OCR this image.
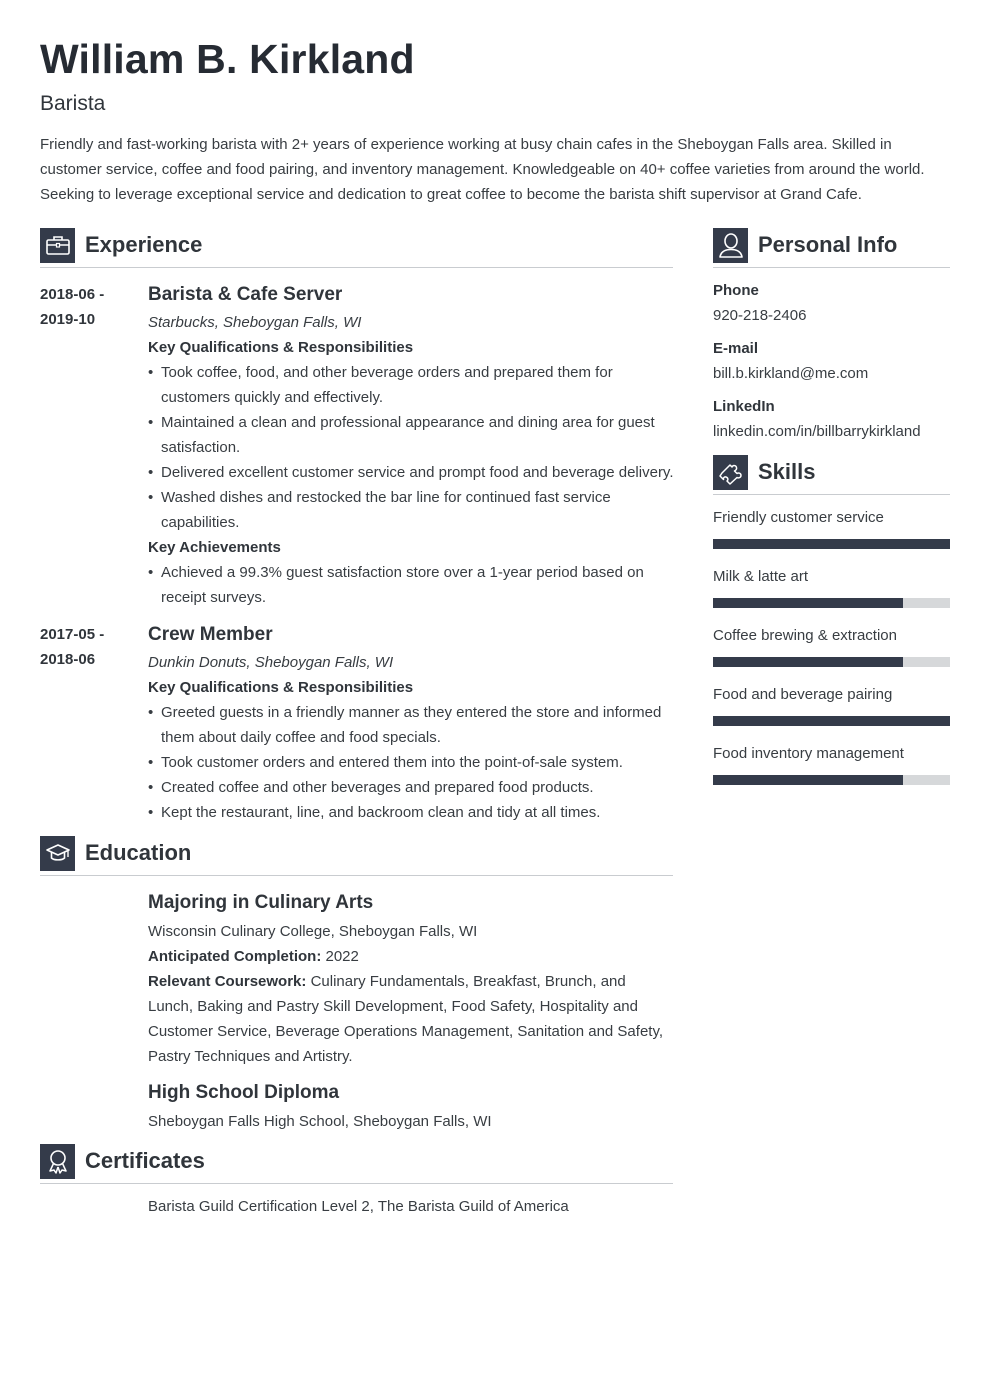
William B. Kirkland
Barista
Friendly and fast-working barista with 2+ years of experience working at busy chain cafes in the Sheboygan Falls area. Skilled in customer service, coffee and food pairing, and inventory management. Knowledgeable on 40+ coffee varieties from around the world. Seeking to leverage exceptional service and dedication to great coffee to become the barista shift supervisor at Grand Cafe.
Experience
2018-06 -
2019-10
Barista & Cafe Server
Starbucks, Sheboygan Falls, WI
Key Qualifications & Responsibilities
• Took coffee, food, and other beverage orders and prepared them for customers quickly and effectively.
• Maintained a clean and professional appearance and dining area for guest satisfaction.
• Delivered excellent customer service and prompt food and beverage delivery.
• Washed dishes and restocked the bar line for continued fast service capabilities.
Key Achievements
• Achieved a 99.3% guest satisfaction store over a 1-year period based on receipt surveys.
2017-05 -
2018-06
Crew Member
Dunkin Donuts, Sheboygan Falls, WI
Key Qualifications & Responsibilities
• Greeted guests in a friendly manner as they entered the store and informed them about daily coffee and food specials.
• Took customer orders and entered them into the point-of-sale system.
• Created coffee and other beverages and prepared food products.
• Kept the restaurant, line, and backroom clean and tidy at all times.
Education
Majoring in Culinary Arts
Wisconsin Culinary College, Sheboygan Falls, WI
Anticipated Completion: 2022
Relevant Coursework: Culinary Fundamentals, Breakfast, Brunch, and Lunch, Baking and Pastry Skill Development, Food Safety, Hospitality and Customer Service, Beverage Operations Management, Sanitation and Safety, Pastry Techniques and Artistry.
High School Diploma
Sheboygan Falls High School, Sheboygan Falls, WI
Certificates
Barista Guild Certification Level 2, The Barista Guild of America
Personal Info
Phone
920-218-2406
E-mail
bill.b.kirkland@me.com
LinkedIn
linkedin.com/in/billbarrykirkland
Skills
Friendly customer service
Milk & latte art
Coffee brewing & extraction
Food and beverage pairing
Food inventory management
